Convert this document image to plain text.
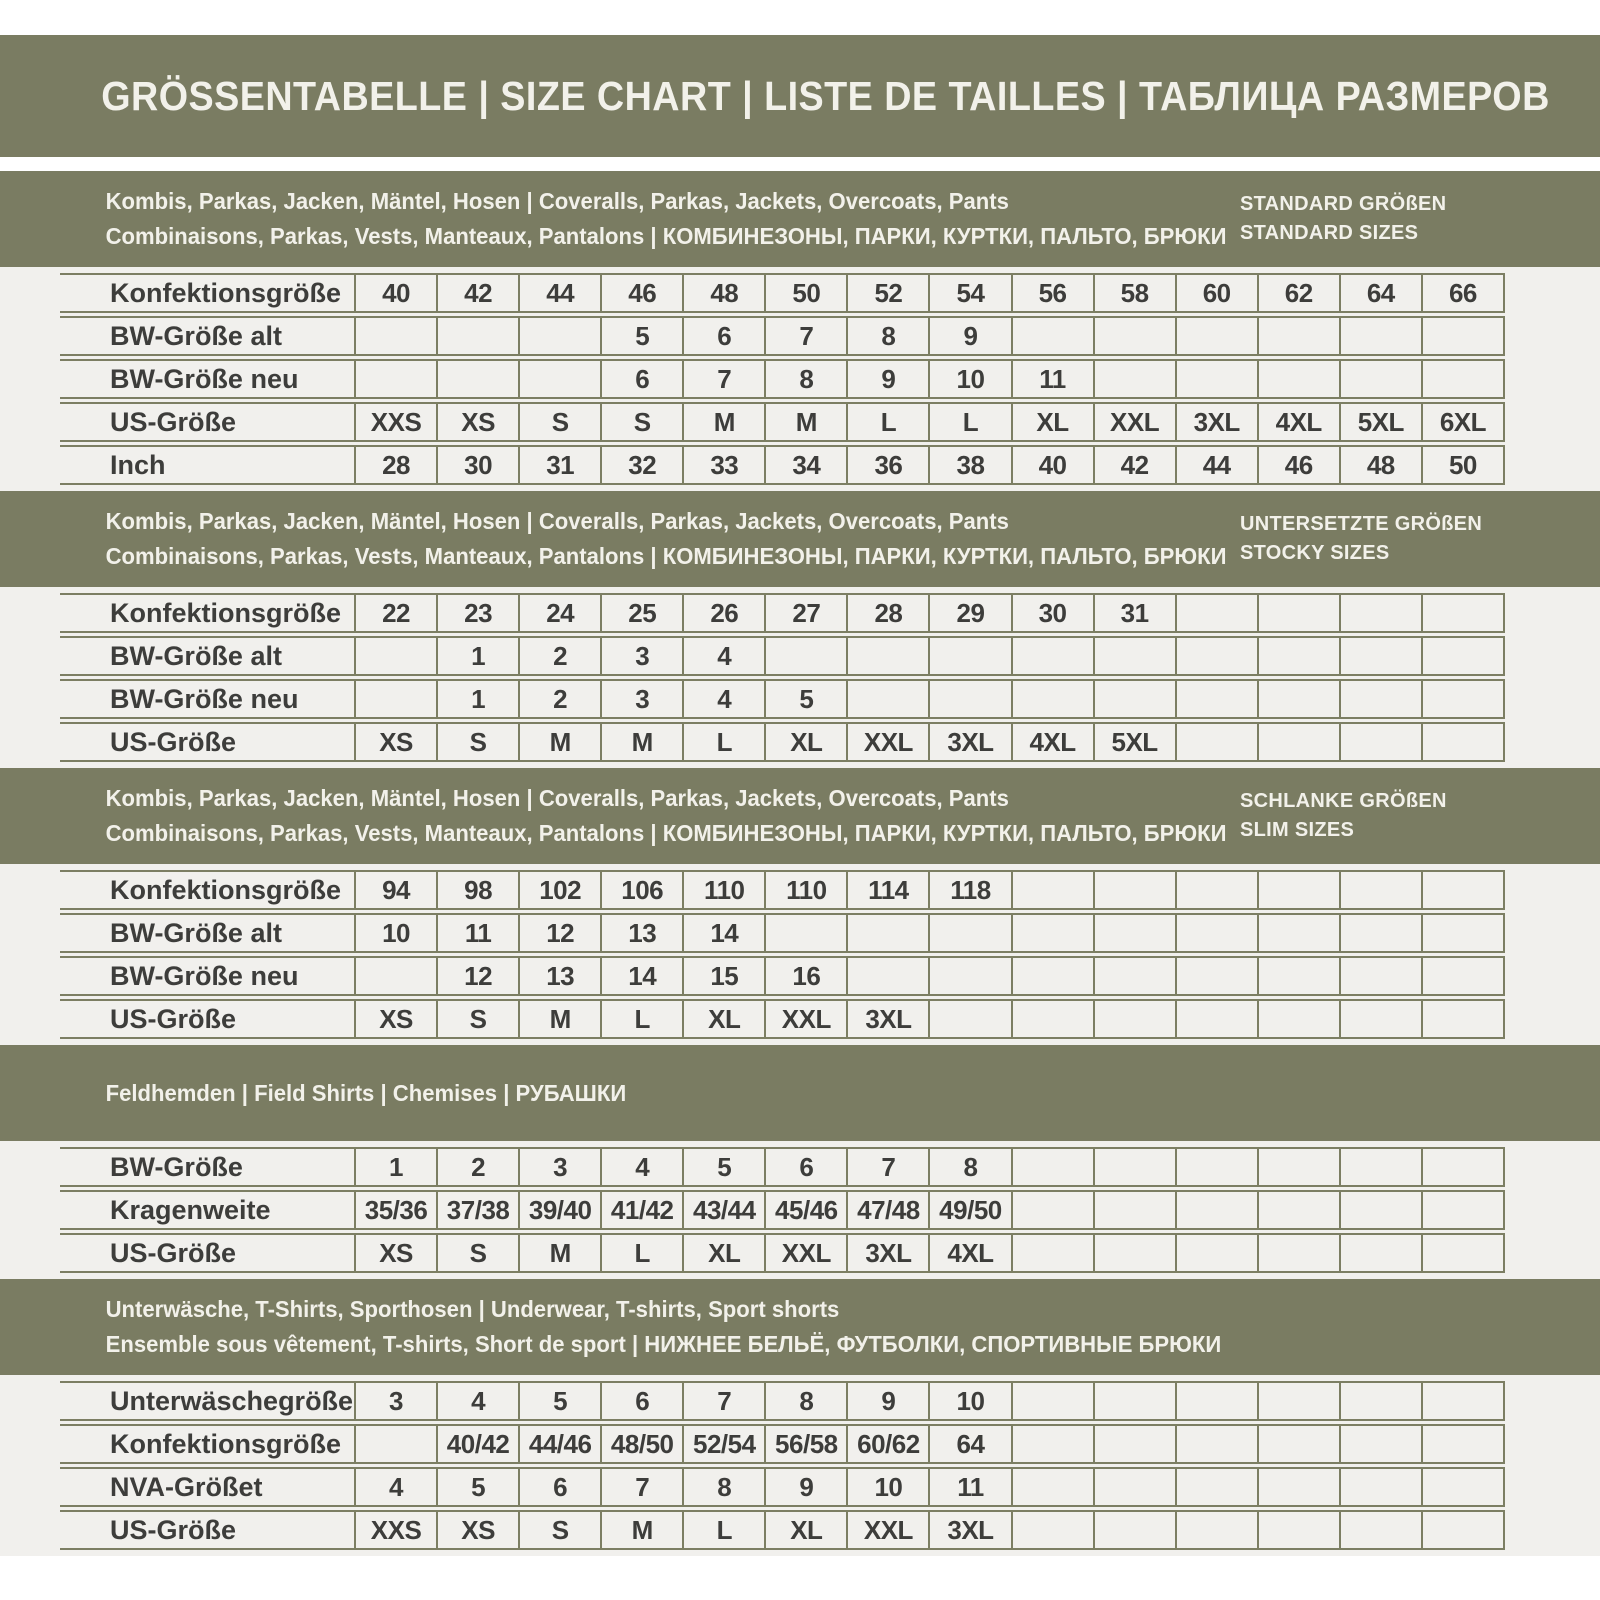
GRÖSSENTABELLE | SIZE CHART | LISTE DE TAILLES | ТАБЛИЦА РАЗМЕРОВ
Kombis, Parkas, Jacken, Mäntel, Hosen | Coveralls, Parkas, Jackets, Overcoats, Pants
Combinaisons, Parkas, Vests, Manteaux, Pantalons | КОМБИНЕЗОНЫ, ПАРКИ, КУРТКИ, ПАЛЬТО, БРЮКИ
STANDARD GRÖßEN
STANDARD SIZES
Konfektionsgröße	40	42	44	46	48	50	52	54	56	58	60	62	64	66
BW-Größe alt				5	6	7	8	9						
BW-Größe neu				6	7	8	9	10	11					
US-Größe	XXS	XS	S	S	M	M	L	L	XL	XXL	3XL	4XL	5XL	6XL
Inch	28	30	31	32	33	34	36	38	40	42	44	46	48	50
Kombis, Parkas, Jacken, Mäntel, Hosen | Coveralls, Parkas, Jackets, Overcoats, Pants
Combinaisons, Parkas, Vests, Manteaux, Pantalons | КОМБИНЕЗОНЫ, ПАРКИ, КУРТКИ, ПАЛЬТО, БРЮКИ
UNTERSETZTE GRÖßEN
STOCKY SIZES
Konfektionsgröße	22	23	24	25	26	27	28	29	30	31				
BW-Größe alt		1	2	3	4									
BW-Größe neu		1	2	3	4	5								
US-Größe	XS	S	M	M	L	XL	XXL	3XL	4XL	5XL				
Kombis, Parkas, Jacken, Mäntel, Hosen | Coveralls, Parkas, Jackets, Overcoats, Pants
Combinaisons, Parkas, Vests, Manteaux, Pantalons | КОМБИНЕЗОНЫ, ПАРКИ, КУРТКИ, ПАЛЬТО, БРЮКИ
SCHLANKE GRÖßEN
SLIM SIZES
Konfektionsgröße	94	98	102	106	110	110	114	118						
BW-Größe alt	10	11	12	13	14									
BW-Größe neu		12	13	14	15	16								
US-Größe	XS	S	M	L	XL	XXL	3XL							
Feldhemden | Field Shirts | Chemises | РУБАШКИ
BW-Größe	1	2	3	4	5	6	7	8						
Kragenweite	35/36	37/38	39/40	41/42	43/44	45/46	47/48	49/50						
US-Größe	XS	S	M	L	XL	XXL	3XL	4XL						
Unterwäsche, T-Shirts, Sporthosen | Underwear, T-shirts, Sport shorts
Ensemble sous vêtement, T-shirts, Short de sport | НИЖНЕЕ БЕЛЬЁ, ФУТБОЛКИ, СПОРТИВНЫЕ БРЮКИ
Unterwäschegröße	3	4	5	6	7	8	9	10						
Konfektionsgröße		40/42	44/46	48/50	52/54	56/58	60/62	64						
NVA-Größet	4	5	6	7	8	9	10	11						
US-Größe	XXS	XS	S	M	L	XL	XXL	3XL						
